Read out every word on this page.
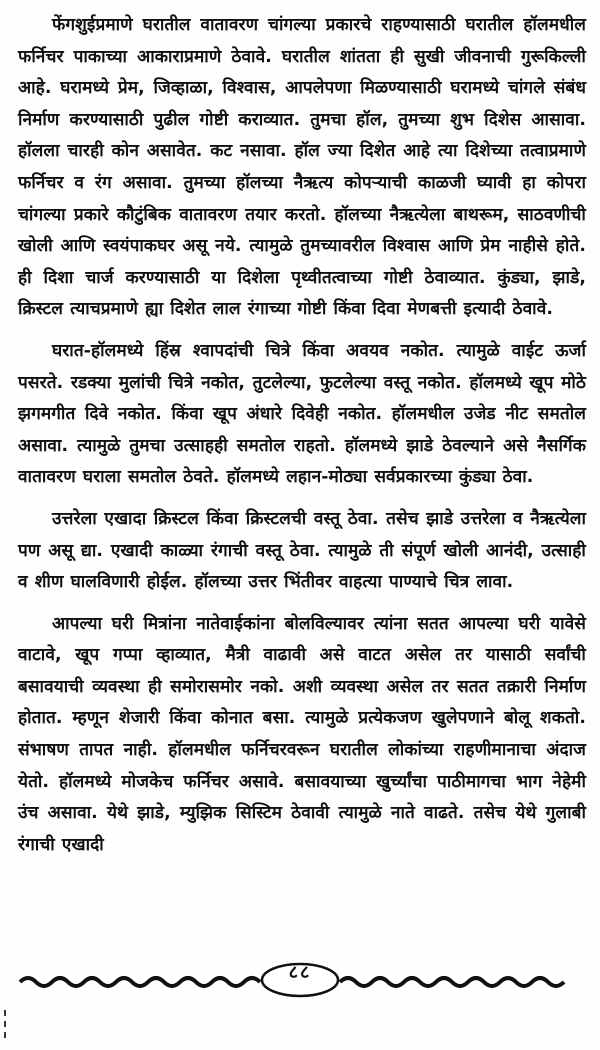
फेंगशुईप्रमाणे घरातील वातावरण चांगल्या प्रकारचे राहण्यासाठी घरातील हॉलमधील फर्निचर पाकाच्या आकाराप्रमाणे ठेवावे. घरातील शांतता ही सुखी जीवनाची गुरूकिल्ली आहे. घरामध्ये प्रेम, जिव्हाळा, विश्वास, आपलेपणा मिळण्यासाठी घरामध्ये चांगले संबंध निर्माण करण्यासाठी पुढील गोष्टी कराव्यात. तुमचा हॉल, तुमच्या शुभ दिशेस आसावा. हॉलला चारही कोन असावेत. कट नसावा. हॉल ज्या दिशेत आहे त्या दिशेच्या तत्वाप्रमाणे फर्निचर व रंग असावा. तुमच्या हॉलच्या नैऋत्य कोपऱ्याची काळजी घ्यावी हा कोपरा चांगल्या प्रकारे कौटुंबिक वातावरण तयार करतो. हॉलच्या नैऋत्येला बाथरूम, साठवणीची खोली आणि स्वयंपाकघर असू नये. त्यामुळे तुमच्यावरील विश्वास आणि प्रेम नाहीसे होते. ही दिशा चार्ज करण्यासाठी या दिशेला पृथ्वीतत्वाच्या गोष्टी ठेवाव्यात. कुंड्या, झाडे, क्रिस्टल त्याचप्रमाणे ह्या दिशेत लाल रंगाच्या गोष्टी किंवा दिवा मेणबत्ती इत्यादी ठेवावे.

घरात-हॉलमध्ये हिंस्र श्वापदांची चित्रे किंवा अवयव नकोत. त्यामुळे वाईट ऊर्जा पसरते. रडक्या मुलांची चित्रे नकोत, तुटलेल्या, फुटलेल्या वस्तू नकोत. हॉलमध्ये खूप मोठे झगमगीत दिवे नकोत. किंवा खूप अंधारे दिवेही नकोत. हॉलमधील उजेड नीट समतोल असावा. त्यामुळे तुमचा उत्साहही समतोल राहतो. हॉलमध्ये झाडे ठेवल्याने असे नैसर्गिक वातावरण घराला समतोल ठेवते. हॉलमध्ये लहान-मोठ्या सर्वप्रकारच्या कुंड्या ठेवा.

उत्तरेला एखादा क्रिस्टल किंवा क्रिस्टलची वस्तू ठेवा. तसेच झाडे उत्तरेला व नैऋत्येला पण असू द्या. एखादी काळ्या रंगाची वस्तू ठेवा. त्यामुळे ती संपूर्ण खोली आनंदी, उत्साही व शीण घालविणारी होईल. हॉलच्या उत्तर भिंतीवर वाहत्या पाण्याचे चित्र लावा.

आपल्या घरी मित्रांना नातेवाईकांना बोलविल्यावर त्यांना सतत आपल्या घरी यावेसे वाटावे, खूप गप्पा व्हाव्यात, मैत्री वाढावी असे वाटत असेल तर यासाठी सर्वांची बसावयाची व्यवस्था ही समोरासमोर नको. अशी व्यवस्था असेल तर सतत तक्रारी निर्माण होतात. म्हणून शेजारी किंवा कोनात बसा. त्यामुळे प्रत्येकजण खुलेपणाने बोलू शकतो. संभाषण तापत नाही. हॉलमधील फर्निचरवरून घरातील लोकांच्या राहणीमानाचा अंदाज येतो. हॉलमध्ये मोजकेच फर्निचर असावे. बसावयाच्या खुर्च्यांचा पाठीमागचा भाग नेहेमी उंच असावा. येथे झाडे, म्युझिक सिस्टिम ठेवावी त्यामुळे नाते वाढते. तसेच येथे गुलाबी रंगाची एखादी

८८
